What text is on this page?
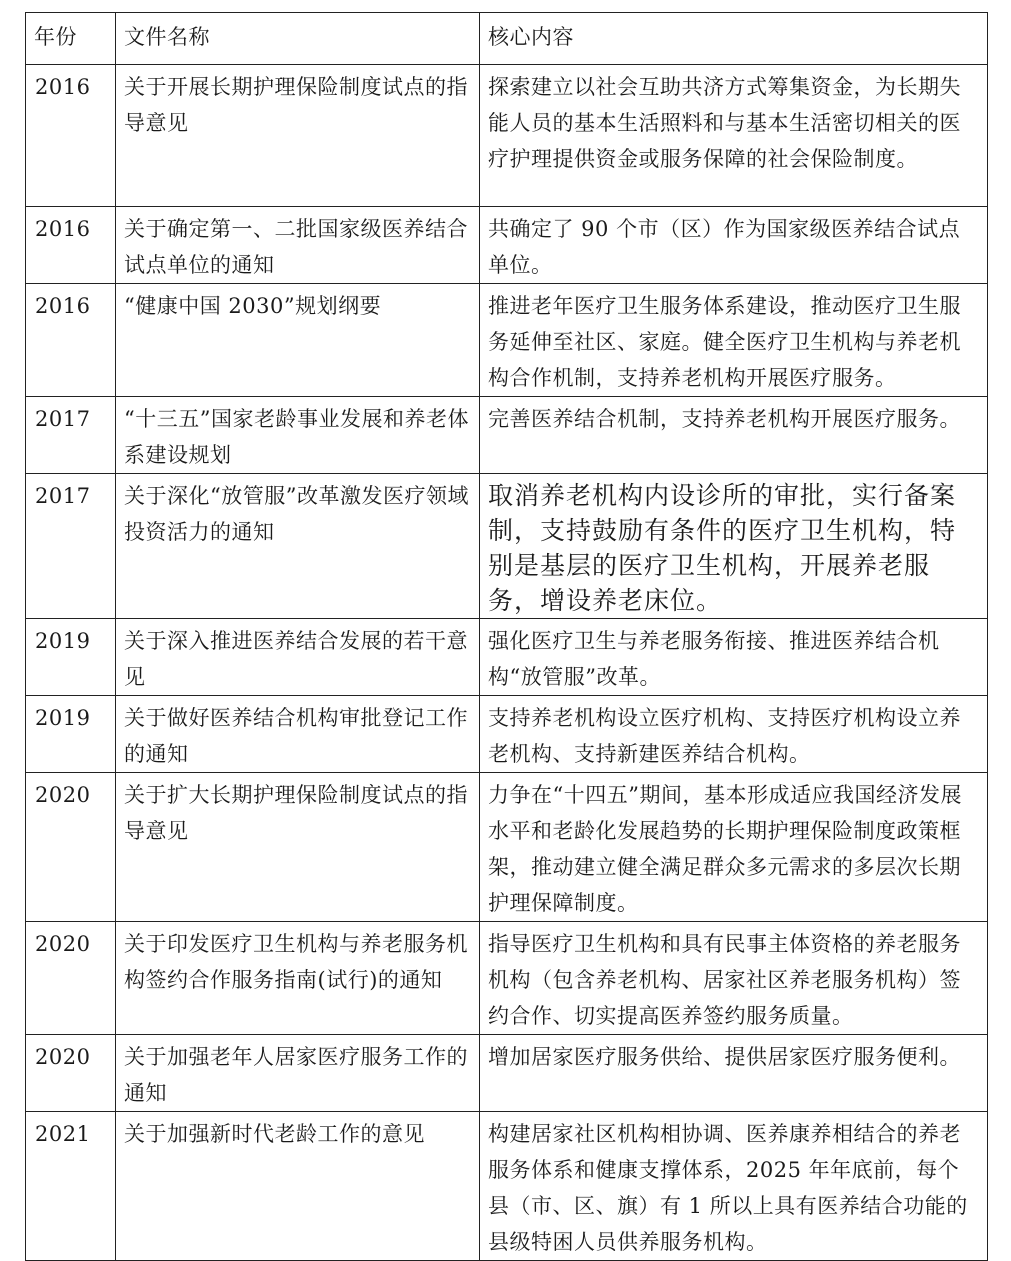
年份	文件名称	核心内容
2016	关于开展长期护理保险制度试点的指导意见	探索建立以社会互助共济方式筹集资金，为长期失能人员的基本生活照料和与基本生活密切相关的医疗护理提供资金或服务保障的社会保险制度。
2016	关于确定第一、二批国家级医养结合试点单位的通知	共确定了 90 个市（区）作为国家级医养结合试点单位。
2016	“健康中国 2030”规划纲要	推进老年医疗卫生服务体系建设，推动医疗卫生服务延伸至社区、家庭。健全医疗卫生机构与养老机构合作机制，支持养老机构开展医疗服务。
2017	“十三五”国家老龄事业发展和养老体系建设规划	完善医养结合机制，支持养老机构开展医疗服务。
2017	关于深化“放管服”改革激发医疗领域投资活力的通知	取消养老机构内设诊所的审批，实行备案制，支持鼓励有条件的医疗卫生机构，特别是基层的医疗卫生机构，开展养老服务，增设养老床位。
2019	关于深入推进医养结合发展的若干意见	强化医疗卫生与养老服务衔接、推进医养结合机构“放管服”改革。
2019	关于做好医养结合机构审批登记工作的通知	支持养老机构设立医疗机构、支持医疗机构设立养老机构、支持新建医养结合机构。
2020	关于扩大长期护理保险制度试点的指导意见	力争在“十四五”期间，基本形成适应我国经济发展水平和老龄化发展趋势的长期护理保险制度政策框架，推动建立健全满足群众多元需求的多层次长期护理保障制度。
2020	关于印发医疗卫生机构与养老服务机构签约合作服务指南(试行)的通知	指导医疗卫生机构和具有民事主体资格的养老服务机构（包含养老机构、居家社区养老服务机构）签约合作、切实提高医养签约服务质量。
2020	关于加强老年人居家医疗服务工作的通知	增加居家医疗服务供给、提供居家医疗服务便利。
2021	关于加强新时代老龄工作的意见	构建居家社区机构相协调、医养康养相结合的养老服务体系和健康支撑体系，2025 年年底前，每个县（市、区、旗）有 1 所以上具有医养结合功能的县级特困人员供养服务机构。
